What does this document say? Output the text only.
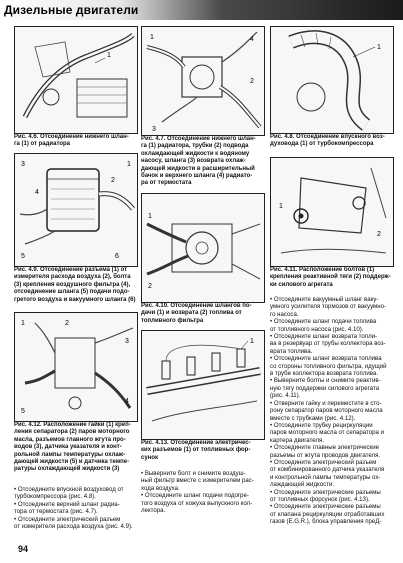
Дизельные двигатели
1
Рис. 4.6. Отсоединение нижнего шлан-
га (1) от радиатора
1
2
3
4
Рис. 4.7. Отсоединение нижнего шлан-
га (1) радиатора, трубки (2) подвода
охлаждающей жидкости к водяному
насосу, шланга (3) возврата охлаж-
дающей жидкости в расширительный
бачок и верхнего шланга (4) радиато-
ра от термостата
1
Рис. 4.8. Отсоединение впускного воз-
духовода (1) от турбокомпрессора
1
2
3
4
5	6
Рис. 4.9. Отсоединение разъема (1) от
измерителя расхода воздуха (2), болта
(3) крепления воздушного фильтра (4),
отсоединение шланга (5) подачи подо-
гретого воздуха и вакуумного шланга (6)
1
2
Рис. 4.10. Отсоединение шлангов по-
дачи (1) и возврата (2) топлива от
топливного фильтра
1
2
Рис. 4.11. Расположение болтов (1)
крепления реактивной тяги (2) поддерж-
ки силового агрегата
1	2
3
4
5
Рис. 4.12. Расположение гайки (1) креп-
ления сепаратора (2) паров моторного
масла, разъемов главного жгута про-
водов (3), датчика указателя и конт-
рольной лампы температуры охлаж-
дающей жидкости (5) и датчика темпе-
ратуры охлаждающей жидкости (3)
1
Рис. 4.13. Отсоединение электричес-
ких разъемов (1) от топливных фор-
сунок
• Отсоедините впускной воздуховод от
турбокомпрессора (рис. 4.8).
• Отсоедините верхний шланг радиа-
тора от термостата (рис. 4.7).
• Отсоедините электрический разъем
от измерителя расхода воздуха (рис. 4.9).
• Выверните болт и снимите воздуш-
ный фильтр вместе с измерителем рас-
хода воздуха.
• Отсоедините шланг подачи подогре-
того воздуха от кожуха выпускного кол-
лектора.
• Отсоедините вакуумный шланг ваку-
умного усилителя тормозов от вакуумно-
го насоса.
• Отсоедините шланг подачи топлива
от топливного насоса (рис. 4.10).
• Отсоедините шланг возврата топли-
ва в резервуар от трубы коллектора воз-
врата топлива.
• Отсоедините шланг возврата топлива
со стороны топливного фильтра, идущий
в трубе коллектора возврата топлива.
• Выверните болты и снимите реактив-
ную тягу поддержки силового агрегата
(рис. 4.11).
• Отверните гайку и переместите в сто-
рону сепаратор паров моторного масла
вместе с трубками (рис. 4.12).
• Отсоедините трубку рециркуляции
паров моторного масла от сепаратора и
картера двигателя.
• Отсоедините главные электрические
разъемы от жгута проводов двигателя.
• Отсоедините электрический разъем
от комбинированного датчика указателя
и контрольной лампы температуры ох-
лаждающей жидкости.
• Отсоедините электрические разъемы
от топливных форсунок (рис. 4.13).
• Отсоедините электрические разъемы
от клапана рециркуляции отработавших
газов (E.G.R.), блока управления преД-
94
